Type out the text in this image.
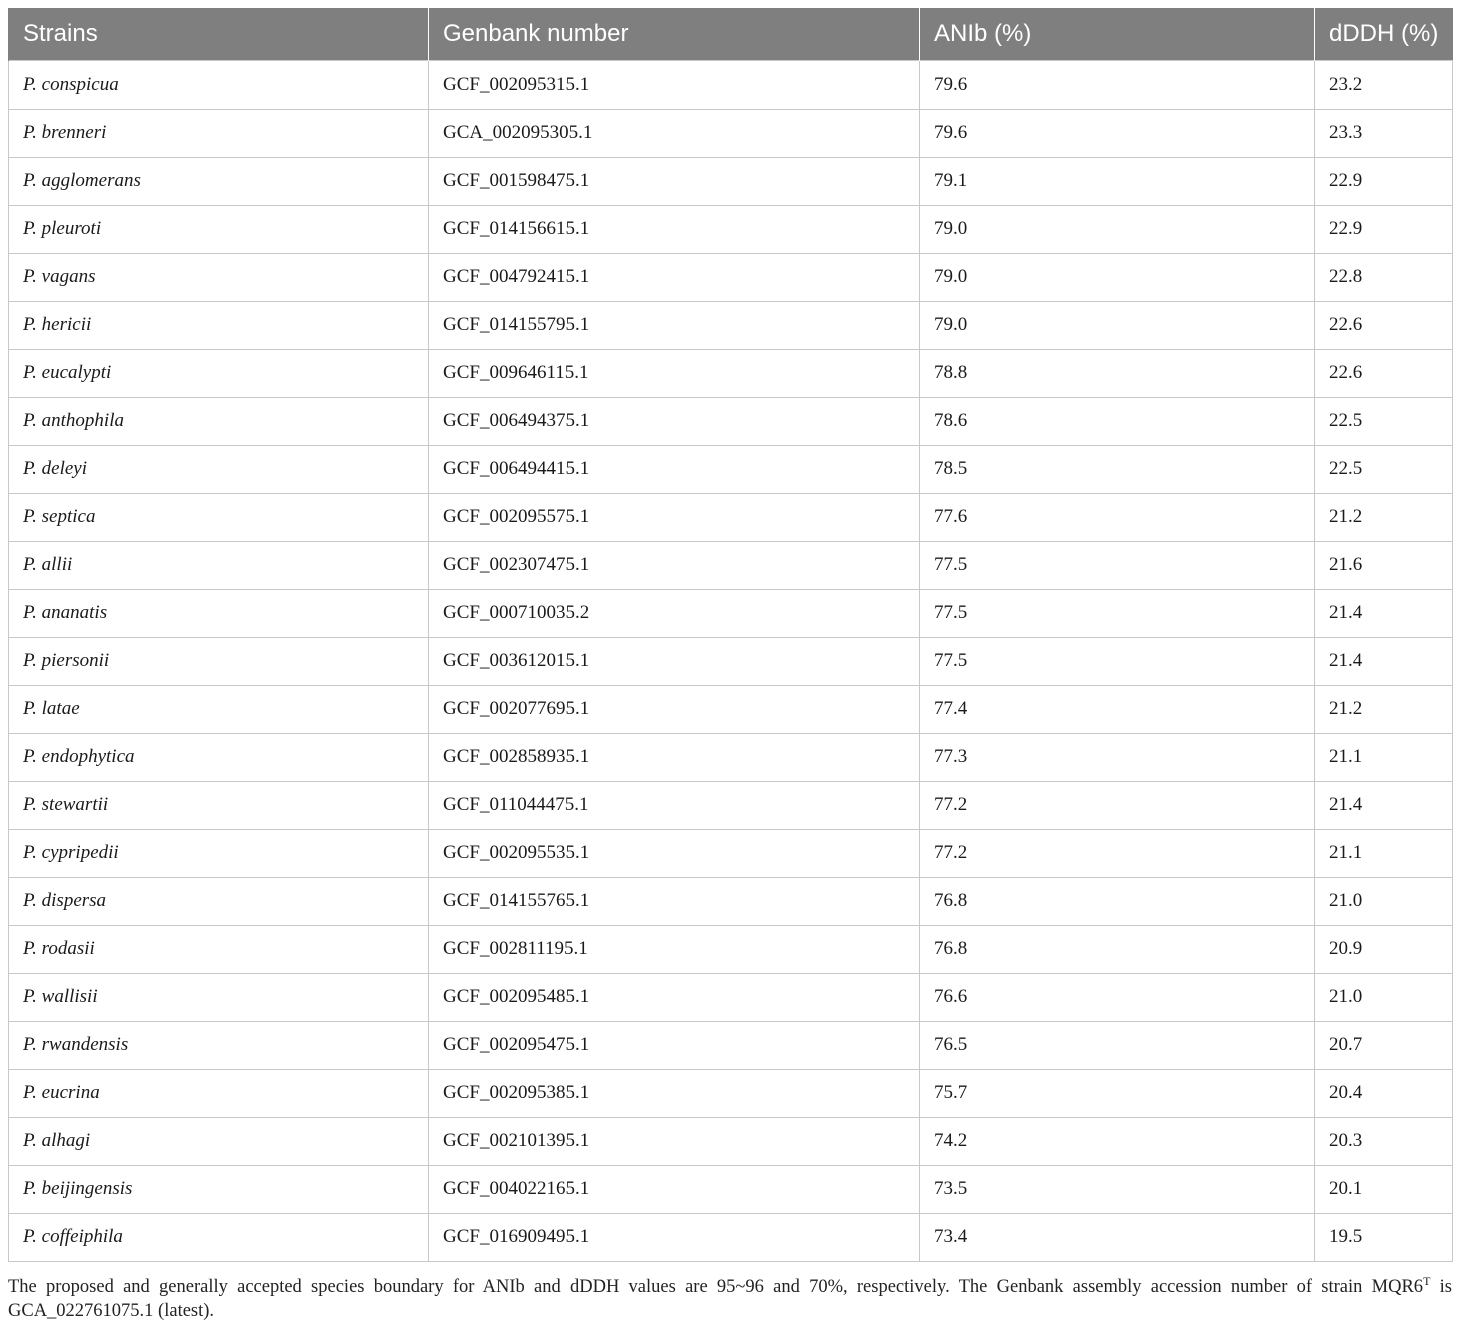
Strains	Genbank number	ANIb (%)	dDDH (%)
P. conspicua	GCF_002095315.1	79.6	23.2
P. brenneri	GCA_002095305.1	79.6	23.3
P. agglomerans	GCF_001598475.1	79.1	22.9
P. pleuroti	GCF_014156615.1	79.0	22.9
P. vagans	GCF_004792415.1	79.0	22.8
P. hericii	GCF_014155795.1	79.0	22.6
P. eucalypti	GCF_009646115.1	78.8	22.6
P. anthophila	GCF_006494375.1	78.6	22.5
P. deleyi	GCF_006494415.1	78.5	22.5
P. septica	GCF_002095575.1	77.6	21.2
P. allii	GCF_002307475.1	77.5	21.6
P. ananatis	GCF_000710035.2	77.5	21.4
P. piersonii	GCF_003612015.1	77.5	21.4
P. latae	GCF_002077695.1	77.4	21.2
P. endophytica	GCF_002858935.1	77.3	21.1
P. stewartii	GCF_011044475.1	77.2	21.4
P. cypripedii	GCF_002095535.1	77.2	21.1
P. dispersa	GCF_014155765.1	76.8	21.0
P. rodasii	GCF_002811195.1	76.8	20.9
P. wallisii	GCF_002095485.1	76.6	21.0
P. rwandensis	GCF_002095475.1	76.5	20.7
P. eucrina	GCF_002095385.1	75.7	20.4
P. alhagi	GCF_002101395.1	74.2	20.3
P. beijingensis	GCF_004022165.1	73.5	20.1
P. coffeiphila	GCF_016909495.1	73.4	19.5
The proposed and generally accepted species boundary for ANIb and dDDH values are 95~96 and 70%, respectively. The Genbank assembly accession number of strain $MQR6^T$ is GCA_022761075.1 (latest).
